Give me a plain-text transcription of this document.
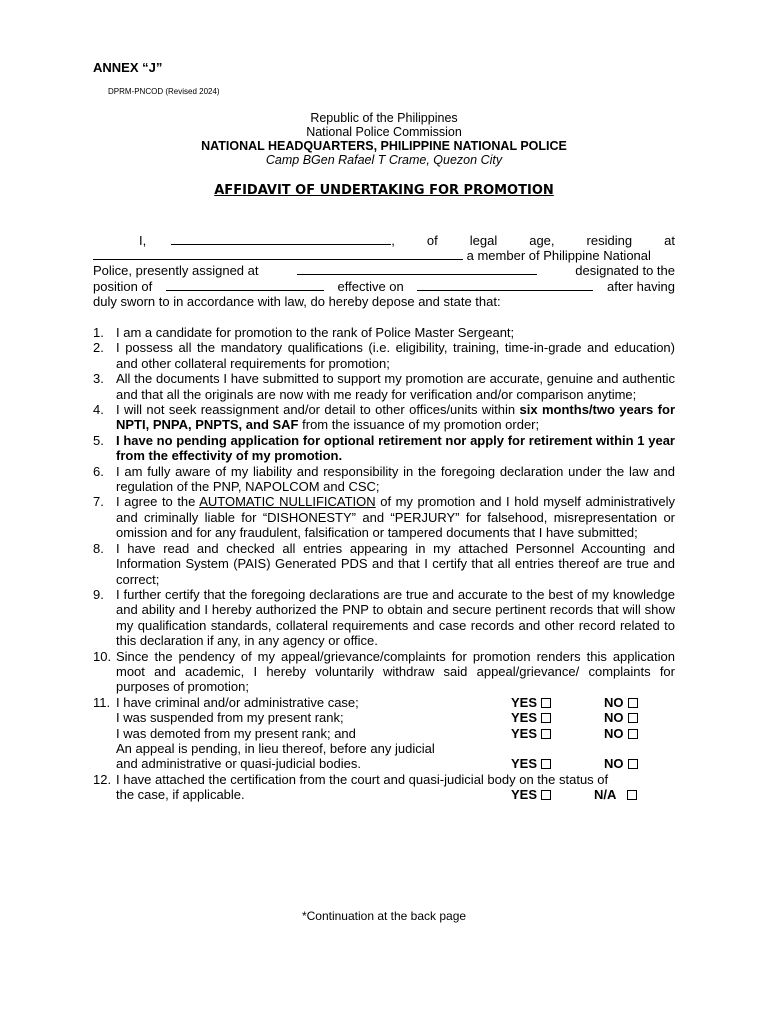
ANNEX “J”
DPRM-PNCOD (Revised 2024)
Republic of the Philippines
National Police Commission
NATIONAL HEADQUARTERS, PHILIPPINE NATIONAL POLICE
Camp BGen Rafael T Crame, Quezon City
AFFIDAVIT OF UNDERTAKING FOR PROMOTION
I,	, of legal age, residing at
a member of Philippine National
Police, presently assigned at	designated to the
position of	effective on	after having
duly sworn to in accordance with law, do hereby depose and state that:
1. I am a candidate for promotion to the rank of Police Master Sergeant;
2. I possess all the mandatory qualifications (i.e. eligibility, training, time-in-grade and education) and other collateral requirements for promotion;
3. All the documents I have submitted to support my promotion are accurate, genuine and authentic and that all the originals are now with me ready for verification and/or comparison anytime;
4. I will not seek reassignment and/or detail to other offices/units within six months/two years for NPTI, PNPA, PNPTS, and SAF from the issuance of my promotion order;
5. I have no pending application for optional retirement nor apply for retirement within 1 year from the effectivity of my promotion.
6. I am fully aware of my liability and responsibility in the foregoing declaration under the law and regulation of the PNP, NAPOLCOM and CSC;
7. I agree to the AUTOMATIC NULLIFICATION of my promotion and I hold myself administratively and criminally liable for “DISHONESTY” and “PERJURY” for falsehood, misrepresentation or omission and for any fraudulent, falsification or tampered documents that I have submitted;
8. I have read and checked all entries appearing in my attached Personnel Accounting and Information System (PAIS) Generated PDS and that I certify that all entries thereof are true and correct;
9. I further certify that the foregoing declarations are true and accurate to the best of my knowledge and ability and I hereby authorized the PNP to obtain and secure pertinent records that will show my qualification standards, collateral requirements and case records and other record related to this declaration if any, in any agency or office.
10. Since the pendency of my appeal/grievance/complaints for promotion renders this application moot and academic, I hereby voluntarily withdraw said appeal/grievance/ complaints for purposes of promotion;
11. I have criminal and/or administrative case;	YES	NO
I was suspended from my present rank;	YES	NO
I was demoted from my present rank; and	YES	NO
An appeal is pending, in lieu thereof, before any judicial
and administrative or quasi-judicial bodies.	YES	NO
12. I have attached the certification from the court and quasi-judicial body on the status of
the case, if applicable.	YES	N/A
*Continuation at the back page
